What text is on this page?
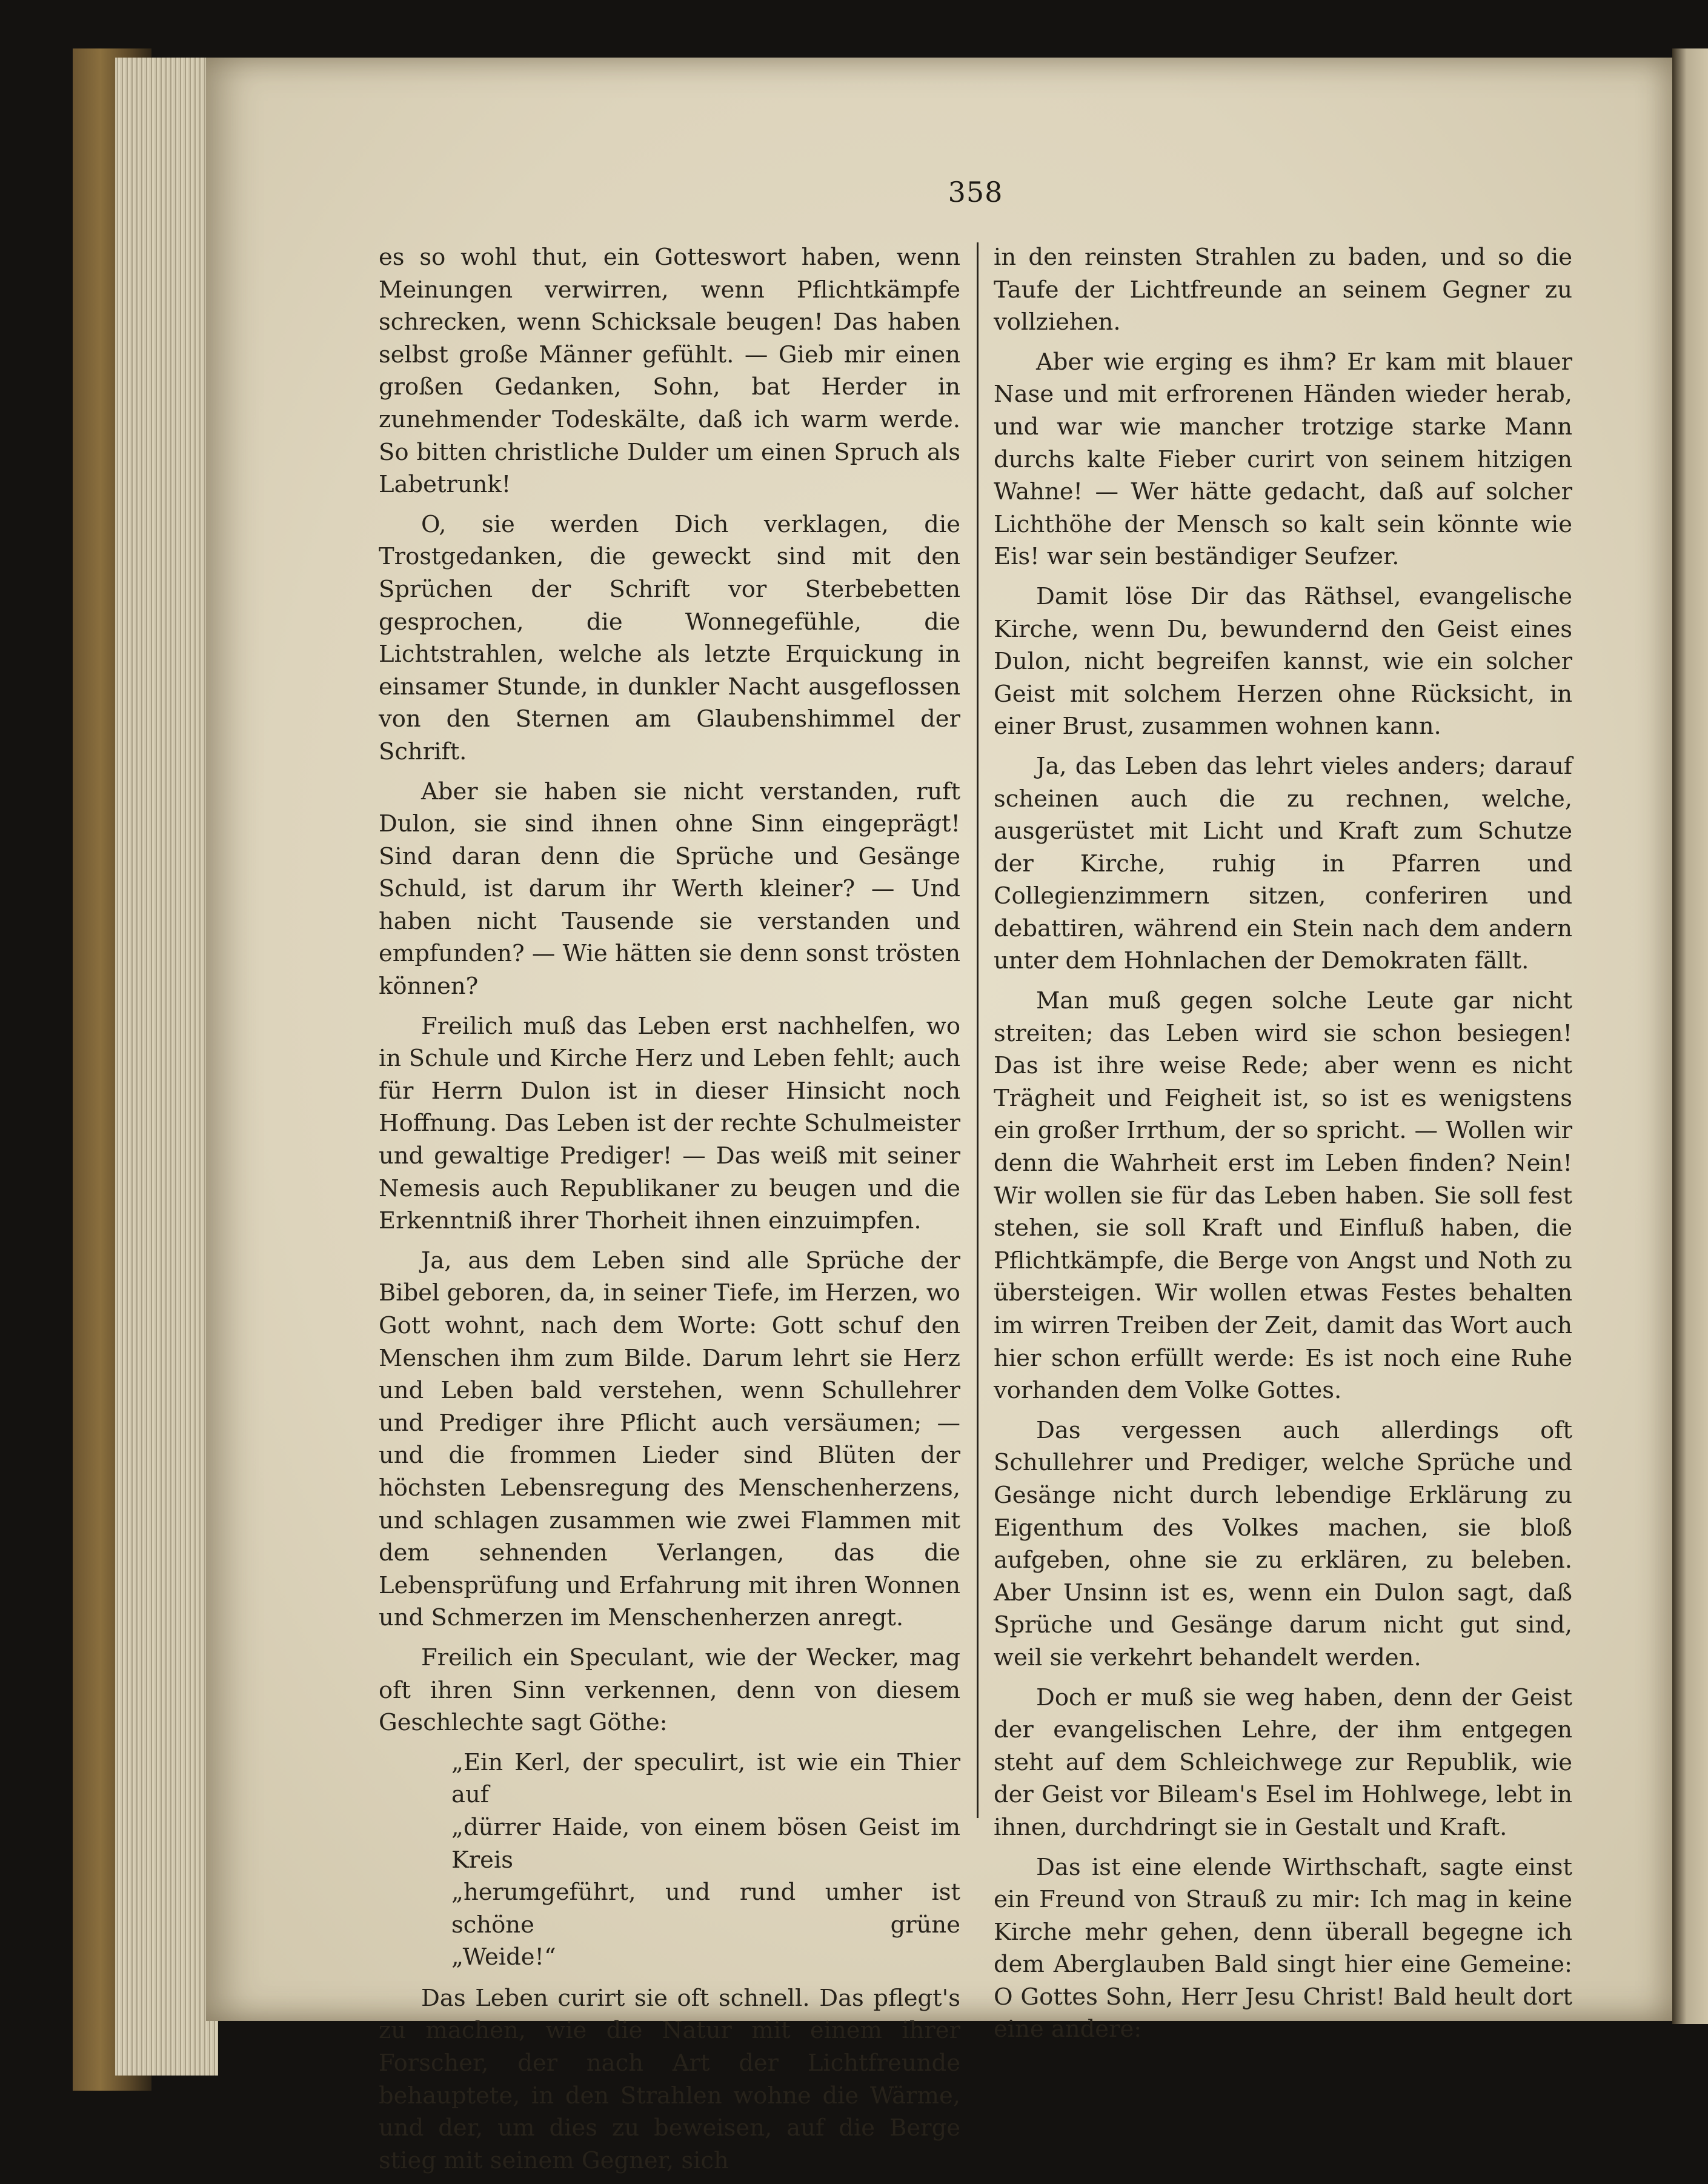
358

es so wohl thut, ein Gotteswort haben, wenn Meinungen verwirren, wenn Pflichtkämpfe schrecken, wenn Schicksale beugen! Das haben selbst große Männer gefühlt. — Gieb mir einen großen Gedanken, Sohn, bat Herder in zunehmender Todeskälte, daß ich warm werde. So bitten christliche Dulder um einen Spruch als Labetrunk!

O, sie werden Dich verklagen, die Trostgedanken, die geweckt sind mit den Sprüchen der Schrift vor Sterbebetten gesprochen, die Wonnegefühle, die Lichtstrahlen, welche als letzte Erquickung in einsamer Stunde, in dunkler Nacht ausgeflossen von den Sternen am Glaubenshimmel der Schrift.

Aber sie haben sie nicht verstanden, ruft Dulon, sie sind ihnen ohne Sinn eingeprägt! Sind daran denn die Sprüche und Gesänge Schuld, ist darum ihr Werth kleiner? — Und haben nicht Tausende sie verstanden und empfunden? — Wie hätten sie denn sonst trösten können?

Freilich muß das Leben erst nachhelfen, wo in Schule und Kirche Herz und Leben fehlt; auch für Herrn Dulon ist in dieser Hinsicht noch Hoffnung. Das Leben ist der rechte Schulmeister und gewaltige Prediger! — Das weiß mit seiner Nemesis auch Republikaner zu beugen und die Erkenntniß ihrer Thorheit ihnen einzuimpfen.

Ja, aus dem Leben sind alle Sprüche der Bibel geboren, da, in seiner Tiefe, im Herzen, wo Gott wohnt, nach dem Worte: Gott schuf den Menschen ihm zum Bilde. Darum lehrt sie Herz und Leben bald verstehen, wenn Schullehrer und Prediger ihre Pflicht auch versäumen; — und die frommen Lieder sind Blüten der höchsten Lebensregung des Menschenherzens, und schlagen zusammen wie zwei Flammen mit dem sehnenden Verlangen, das die Lebensprüfung und Erfahrung mit ihren Wonnen und Schmerzen im Menschenherzen anregt.

Freilich ein Speculant, wie der Wecker, mag oft ihren Sinn verkennen, denn von diesem Geschlechte sagt Göthe:

„Ein Kerl, der speculirt, ist wie ein Thier auf
„dürrer Haide, von einem bösen Geist im Kreis
„herumgeführt, und rund umher ist schöne grüne
„Weide!“

Das Leben curirt sie oft schnell. Das pflegt's zu machen, wie die Natur mit einem ihrer Forscher, der nach Art der Lichtfreunde behauptete, in den Strahlen wohne die Wärme, und der, um dies zu beweisen, auf die Berge stieg mit seinem Gegner, sich

in den reinsten Strahlen zu baden, und so die Taufe der Lichtfreunde an seinem Gegner zu vollziehen.

Aber wie erging es ihm? Er kam mit blauer Nase und mit erfrorenen Händen wieder herab, und war wie mancher trotzige starke Mann durchs kalte Fieber curirt von seinem hitzigen Wahne! — Wer hätte gedacht, daß auf solcher Lichthöhe der Mensch so kalt sein könnte wie Eis! war sein beständiger Seufzer.

Damit löse Dir das Räthsel, evangelische Kirche, wenn Du, bewundernd den Geist eines Dulon, nicht begreifen kannst, wie ein solcher Geist mit solchem Herzen ohne Rücksicht, in einer Brust, zusammen wohnen kann.

Ja, das Leben das lehrt vieles anders; darauf scheinen auch die zu rechnen, welche, ausgerüstet mit Licht und Kraft zum Schutze der Kirche, ruhig in Pfarren und Collegienzimmern sitzen, conferiren und debattiren, während ein Stein nach dem andern unter dem Hohnlachen der Demokraten fällt.

Man muß gegen solche Leute gar nicht streiten; das Leben wird sie schon besiegen! Das ist ihre weise Rede; aber wenn es nicht Trägheit und Feigheit ist, so ist es wenigstens ein großer Irrthum, der so spricht. — Wollen wir denn die Wahrheit erst im Leben finden? Nein! Wir wollen sie für das Leben haben. Sie soll fest stehen, sie soll Kraft und Einfluß haben, die Pflichtkämpfe, die Berge von Angst und Noth zu übersteigen. Wir wollen etwas Festes behalten im wirren Treiben der Zeit, damit das Wort auch hier schon erfüllt werde: Es ist noch eine Ruhe vorhanden dem Volke Gottes.

Das vergessen auch allerdings oft Schullehrer und Prediger, welche Sprüche und Gesänge nicht durch lebendige Erklärung zu Eigenthum des Volkes machen, sie bloß aufgeben, ohne sie zu erklären, zu beleben. Aber Unsinn ist es, wenn ein Dulon sagt, daß Sprüche und Gesänge darum nicht gut sind, weil sie verkehrt behandelt werden.

Doch er muß sie weg haben, denn der Geist der evangelischen Lehre, der ihm entgegen steht auf dem Schleichwege zur Republik, wie der Geist vor Bileam's Esel im Hohlwege, lebt in ihnen, durchdringt sie in Gestalt und Kraft.

Das ist eine elende Wirthschaft, sagte einst ein Freund von Strauß zu mir: Ich mag in keine Kirche mehr gehen, denn überall begegne ich dem Aberglauben Bald singt hier eine Gemeine: O Gottes Sohn, Herr Jesu Christ! Bald heult dort eine andere:
